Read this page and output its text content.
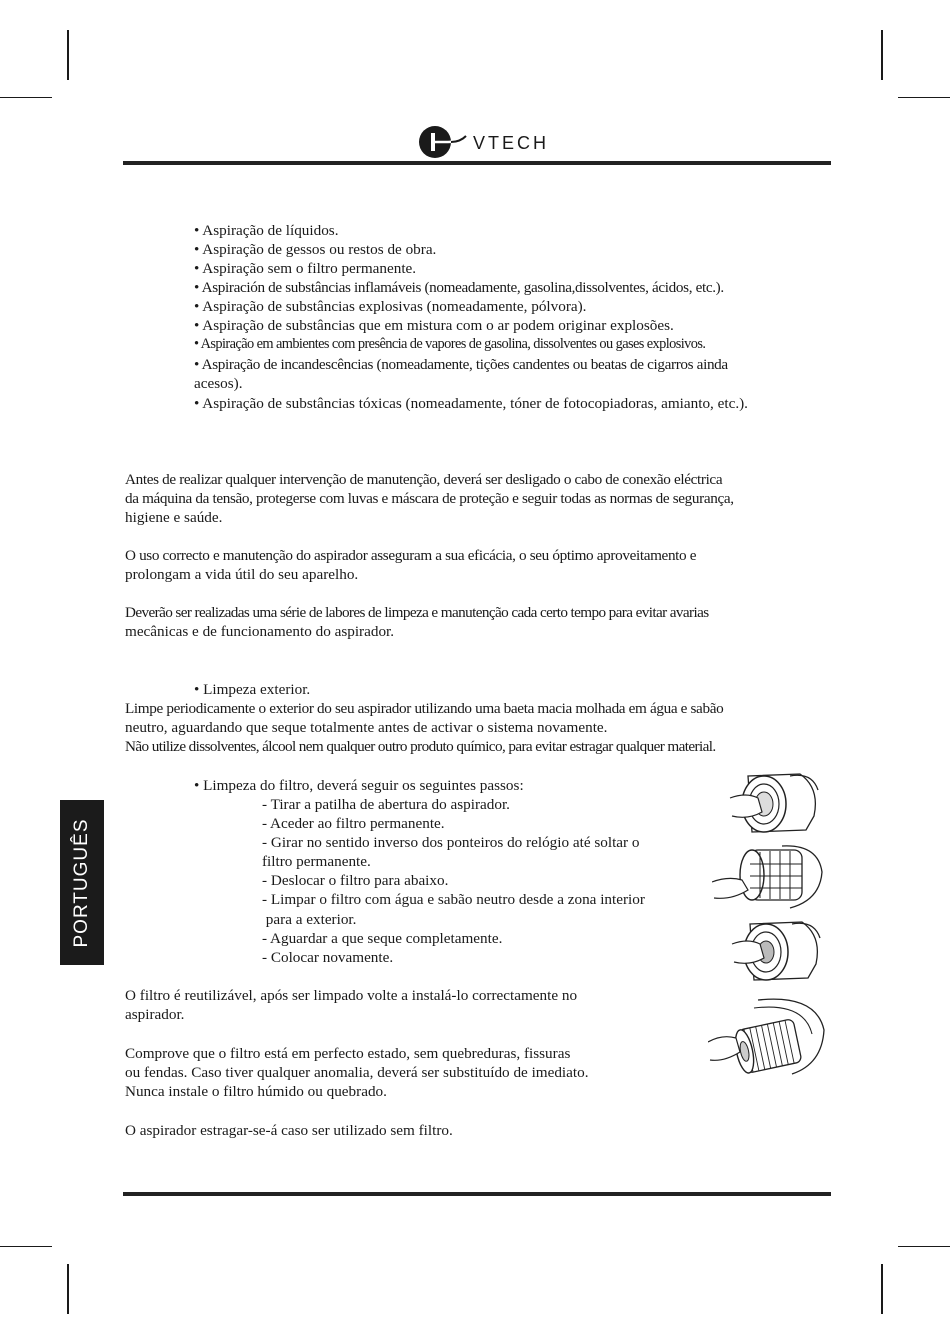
VTECH
• Aspiração de líquidos.
• Aspiração de gessos ou restos de obra.
• Aspiração sem o filtro permanente.
• Aspiración de substâncias inflamáveis (nomeadamente, gasolina,dissolventes, ácidos, etc.).
• Aspiração de substâncias explosivas (nomeadamente, pólvora).
• Aspiração de substâncias que em mistura com o ar podem originar explosões.
• Aspiração em ambientes com presência de vapores de gasolina, dissolventes ou gases explosivos.
• Aspiração de incandescências (nomeadamente, tições candentes ou beatas de cigarros ainda
acesos).
• Aspiração de substâncias tóxicas (nomeadamente, tóner de fotocopiadoras, amianto, etc.).
Antes de realizar qualquer intervenção de manutenção, deverá ser desligado o cabo de conexão eléctrica
da máquina da tensão, protegerse com luvas e máscara de proteção e seguir todas as normas de segurança,
higiene e saúde.
O uso correcto e manutenção do aspirador asseguram a sua eficácia, o seu óptimo aproveitamento e
prolongam a vida útil do seu aparelho.
Deverão ser realizadas uma série de labores de limpeza e manutenção cada certo tempo para evitar avarias
mecânicas e de funcionamento do aspirador.
• Limpeza exterior.
Limpe periodicamente o exterior do seu aspirador utilizando uma baeta macia molhada em água e sabão
neutro, aguardando que seque totalmente antes de activar o sistema novamente.
Não utilize dissolventes, álcool nem qualquer outro produto químico, para evitar estragar qualquer material.
• Limpeza do filtro, deverá seguir os seguintes passos:
- Tirar a patilha de abertura do aspirador.
- Aceder ao filtro permanente.
- Girar no sentido inverso dos ponteiros do relógio até soltar o
filtro permanente.
- Deslocar o filtro para abaixo.
- Limpar o filtro com água e sabão neutro desde a zona interior
para a exterior.
- Aguardar a que seque completamente.
- Colocar novamente.
O filtro é reutilizável, após ser limpado volte a instalá-lo correctamente no
aspirador.
Comprove que o filtro está em perfecto estado, sem quebreduras, fissuras
ou fendas. Caso tiver qualquer anomalia, deverá ser substituído de imediato.
Nunca instale o filtro húmido ou quebrado.
O aspirador estragar-se-á caso ser utilizado sem filtro.
PORTUGUÊS
